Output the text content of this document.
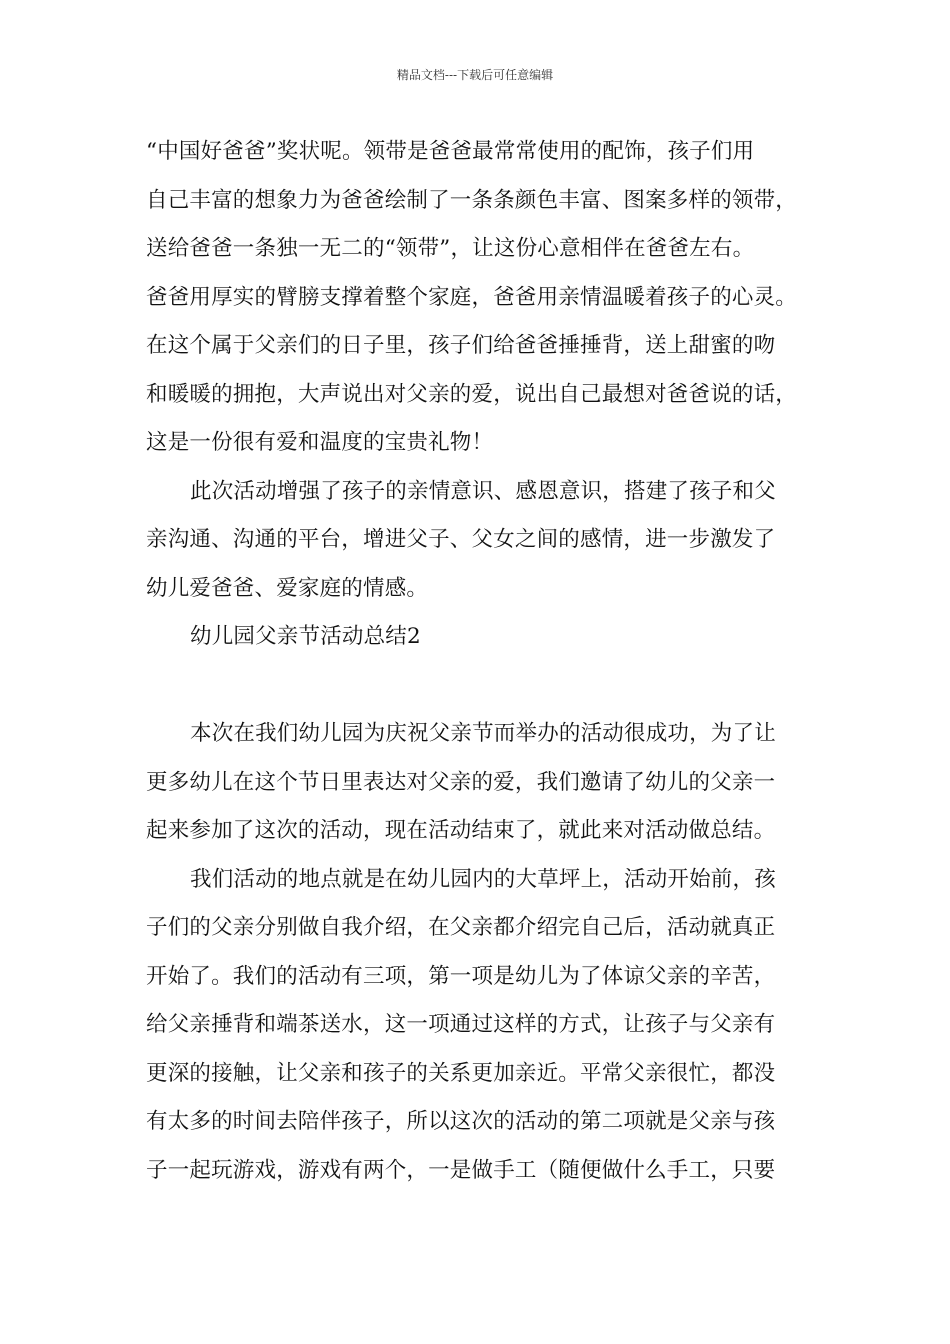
精品文档---下载后可任意编辑
“中国好爸爸”奖状呢。领带是爸爸最常常使用的配饰，孩子们用
自己丰富的想象力为爸爸绘制了一条条颜色丰富、图案多样的领带，
送给爸爸一条独一无二的“领带”，让这份心意相伴在爸爸左右。
爸爸用厚实的臂膀支撑着整个家庭，爸爸用亲情温暖着孩子的心灵。
在这个属于父亲们的日子里，孩子们给爸爸捶捶背，送上甜蜜的吻
和暖暖的拥抱，大声说出对父亲的爱，说出自己最想对爸爸说的话，
这是一份很有爱和温度的宝贵礼物！
此次活动增强了孩子的亲情意识、感恩意识，搭建了孩子和父
亲沟通、沟通的平台，增进父子、父女之间的感情，进一步激发了
幼儿爱爸爸、爱家庭的情感。
幼儿园父亲节活动总结2
本次在我们幼儿园为庆祝父亲节而举办的活动很成功，为了让
更多幼儿在这个节日里表达对父亲的爱，我们邀请了幼儿的父亲一
起来参加了这次的活动，现在活动结束了，就此来对活动做总结。
我们活动的地点就是在幼儿园内的大草坪上，活动开始前，孩
子们的父亲分别做自我介绍，在父亲都介绍完自己后，活动就真正
开始了。我们的活动有三项，第一项是幼儿为了体谅父亲的辛苦，
给父亲捶背和端茶送水，这一项通过这样的方式，让孩子与父亲有
更深的接触，让父亲和孩子的关系更加亲近。平常父亲很忙，都没
有太多的时间去陪伴孩子，所以这次的活动的第二项就是父亲与孩
子一起玩游戏，游戏有两个，一是做手工（随便做什么手工，只要
